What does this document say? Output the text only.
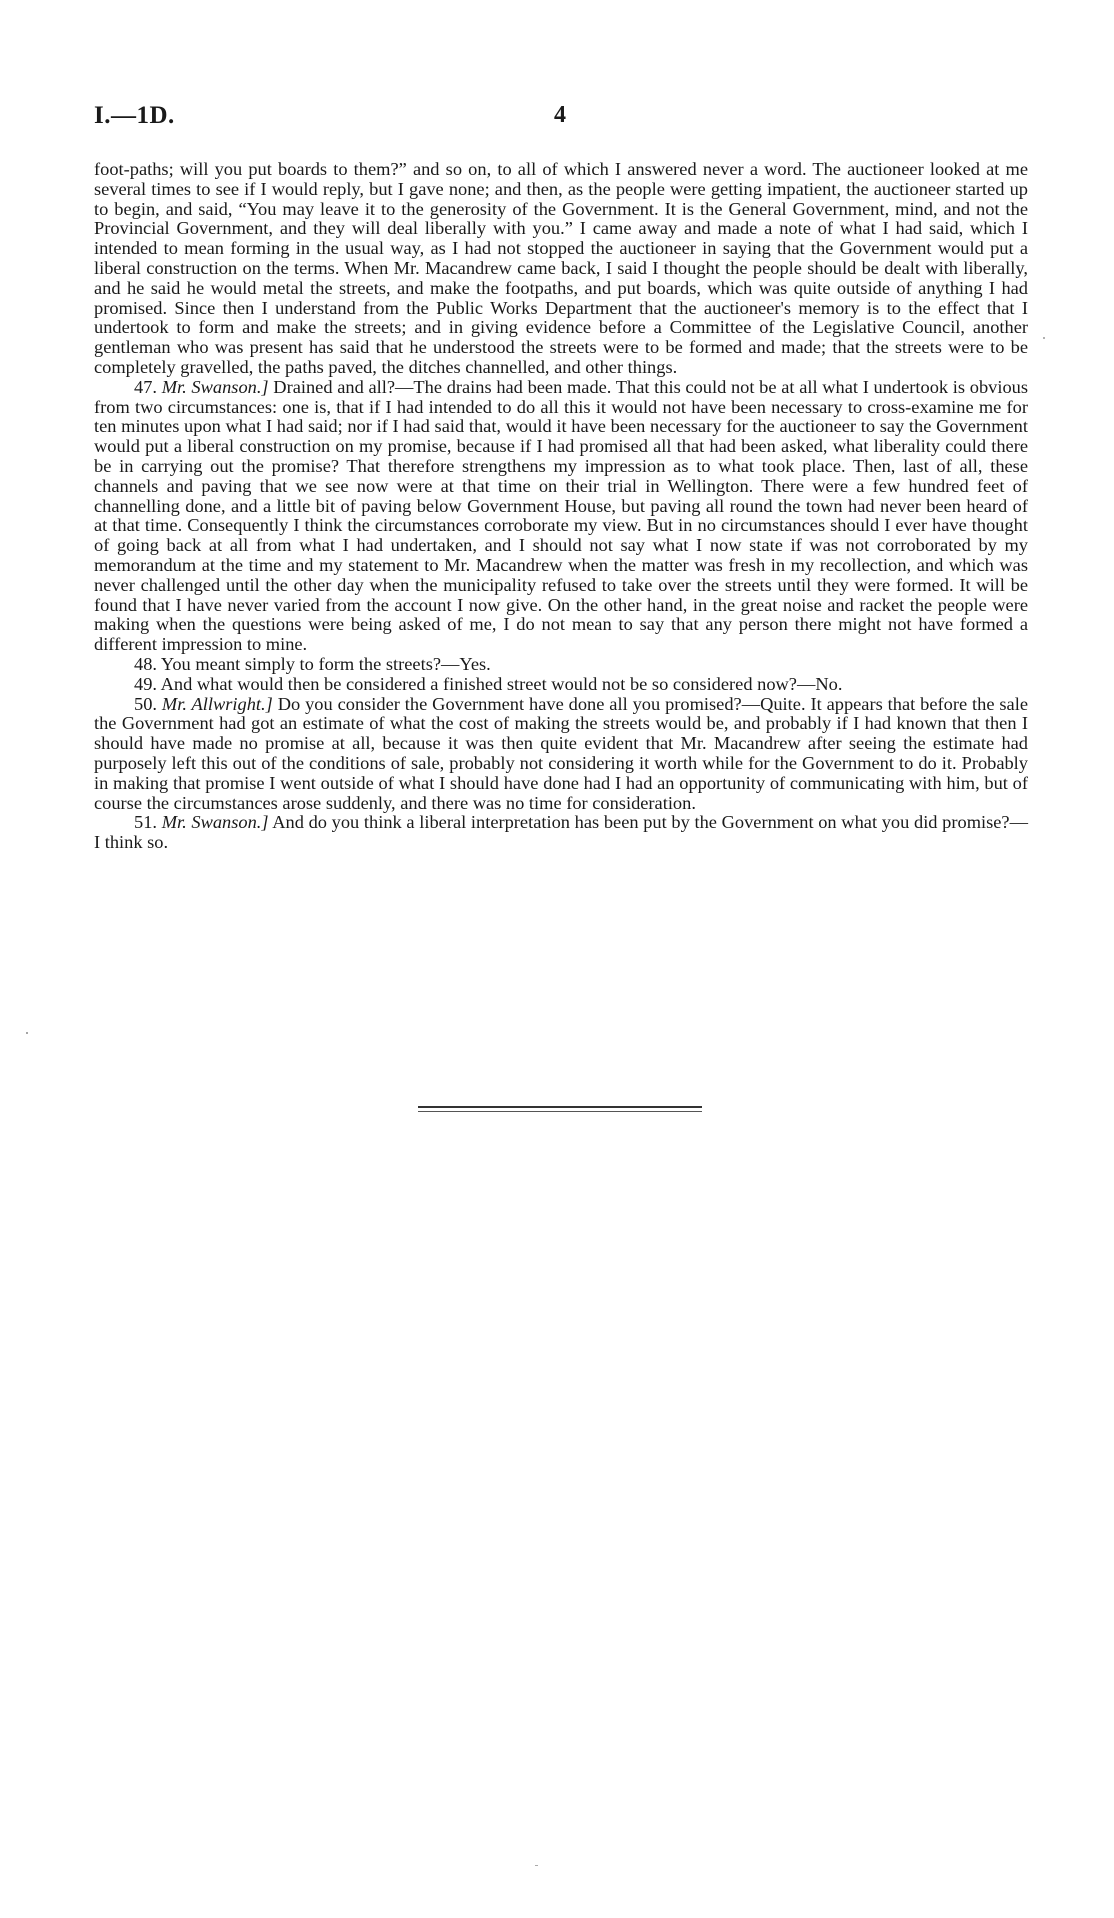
I.—1D.	4

foot-paths; will you put boards to them?” and so on, to all of which I answered never a word. The auctioneer looked at me several times to see if I would reply, but I gave none; and then, as the people were getting impatient, the auctioneer started up to begin, and said, “You may leave it to the generosity of the Government. It is the General Government, mind, and not the Provincial Government, and they will deal liberally with you.” I came away and made a note of what I had said, which I intended to mean forming in the usual way, as I had not stopped the auctioneer in saying that the Government would put a liberal construction on the terms. When Mr. Macandrew came back, I said I thought the people should be dealt with liberally, and he said he would metal the streets, and make the footpaths, and put boards, which was quite outside of anything I had promised. Since then I understand from the Public Works Department that the auctioneer's memory is to the effect that I undertook to form and make the streets; and in giving evidence before a Committee of the Legislative Council, another gentleman who was present has said that he understood the streets were to be formed and made; that the streets were to be completely gravelled, the paths paved, the ditches channelled, and other things.

47. Mr. Swanson.] Drained and all?—The drains had been made. That this could not be at all what I undertook is obvious from two circumstances: one is, that if I had intended to do all this it would not have been necessary to cross-examine me for ten minutes upon what I had said; nor if I had said that, would it have been necessary for the auctioneer to say the Government would put a liberal construction on my promise, because if I had promised all that had been asked, what liberality could there be in carrying out the promise? That therefore strengthens my impression as to what took place. Then, last of all, these channels and paving that we see now were at that time on their trial in Wellington. There were a few hundred feet of channelling done, and a little bit of paving below Government House, but paving all round the town had never been heard of at that time. Consequently I think the circumstances corroborate my view. But in no circumstances should I ever have thought of going back at all from what I had undertaken, and I should not say what I now state if was not corroborated by my memorandum at the time and my statement to Mr. Macandrew when the matter was fresh in my recollection, and which was never challenged until the other day when the municipality refused to take over the streets until they were formed. It will be found that I have never varied from the account I now give. On the other hand, in the great noise and racket the people were making when the questions were being asked of me, I do not mean to say that any person there might not have formed a different impression to mine.

48. You meant simply to form the streets?—Yes.

49. And what would then be considered a finished street would not be so considered now?—No.

50. Mr. Allwright.] Do you consider the Government have done all you promised?—Quite. It appears that before the sale the Government had got an estimate of what the cost of making the streets would be, and probably if I had known that then I should have made no promise at all, because it was then quite evident that Mr. Macandrew after seeing the estimate had purposely left this out of the conditions of sale, probably not considering it worth while for the Government to do it. Probably in making that promise I went outside of what I should have done had I had an opportunity of communicating with him, but of course the circumstances arose suddenly, and there was no time for consideration.

51. Mr. Swanson.] And do you think a liberal interpretation has been put by the Government on what you did promise?—I think so.
